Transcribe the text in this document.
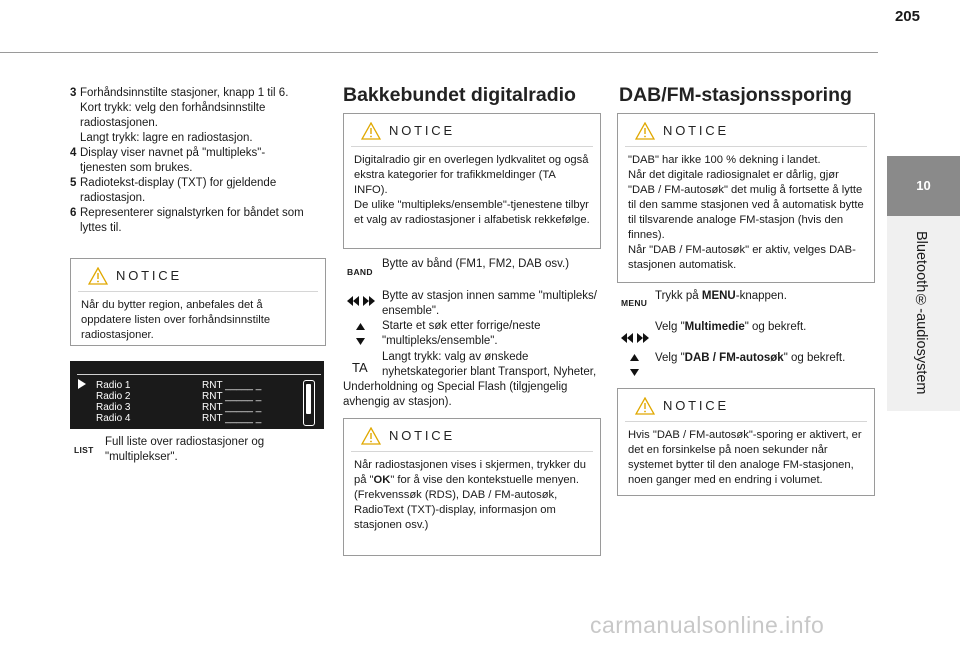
205
10
Bluetooth®-audiosystem
3 Forhåndsinnstilte stasjoner, knapp 1 til 6.
Kort trykk: velg den forhåndsinnstilte radiostasjonen.
Langt trykk: lagre en radiostasjon.
4 Display viser navnet på "multipleks"-tjenesten som brukes.
5 Radiotekst-display (TXT) for gjeldende radiostasjon.
6 Representerer signalstyrken for båndet som lyttes til.
NOTICE
Når du bytter region, anbefales det å oppdatere listen over forhåndsinnstilte radiostasjoner.
Radio 1
Radio 2
Radio 3
Radio 4
RNT _____ _
RNT _____ _
RNT _____ _
RNT _____ _
LIST
Full liste over radiostasjoner og "multiplekser".
Bakkebundet digitalradio
NOTICE
Digitalradio gir en overlegen lydkvalitet og også ekstra kategorier for trafikkmeldinger (TA INFO).
De ulike "multipleks/ensemble"-tjenestene tilbyr et valg av radiostasjoner i alfabetisk rekkefølge.
BAND
Bytte av bånd (FM1, FM2, DAB osv.)
Bytte av stasjon innen samme "multipleks/ ensemble".
Starte et søk etter forrige/neste "multipleks/ensemble".
TA
Langt trykk: valg av ønskede nyhetskategorier blant Transport, Nyheter,
Underholdning og Special Flash (tilgjengelig avhengig av stasjon).
NOTICE
Når radiostasjonen vises i skjermen, trykker du på "OK" for å vise den kontekstuelle menyen.
(Frekvenssøk (RDS), DAB / FM-autosøk, RadioText (TXT)-display, informasjon om stasjonen osv.)
DAB/FM-stasjonssporing
NOTICE
"DAB" har ikke 100 % dekning i landet.
Når det digitale radiosignalet er dårlig, gjør "DAB / FM-autosøk" det mulig å fortsette å lytte til den samme stasjonen ved å automatisk bytte til tilsvarende analoge FM-stasjon (hvis den finnes).
Når "DAB / FM-autosøk" er aktiv, velges DAB-stasjonen automatisk.
MENU
Trykk på MENU-knappen.
Velg "Multimedie" og bekreft.
Velg "DAB / FM-autosøk" og bekreft.
NOTICE
Hvis "DAB / FM-autosøk"-sporing er aktivert, er det en forsinkelse på noen sekunder når systemet bytter til den analoge FM-stasjonen, noen ganger med en endring i volumet.
carmanualsonline.info
